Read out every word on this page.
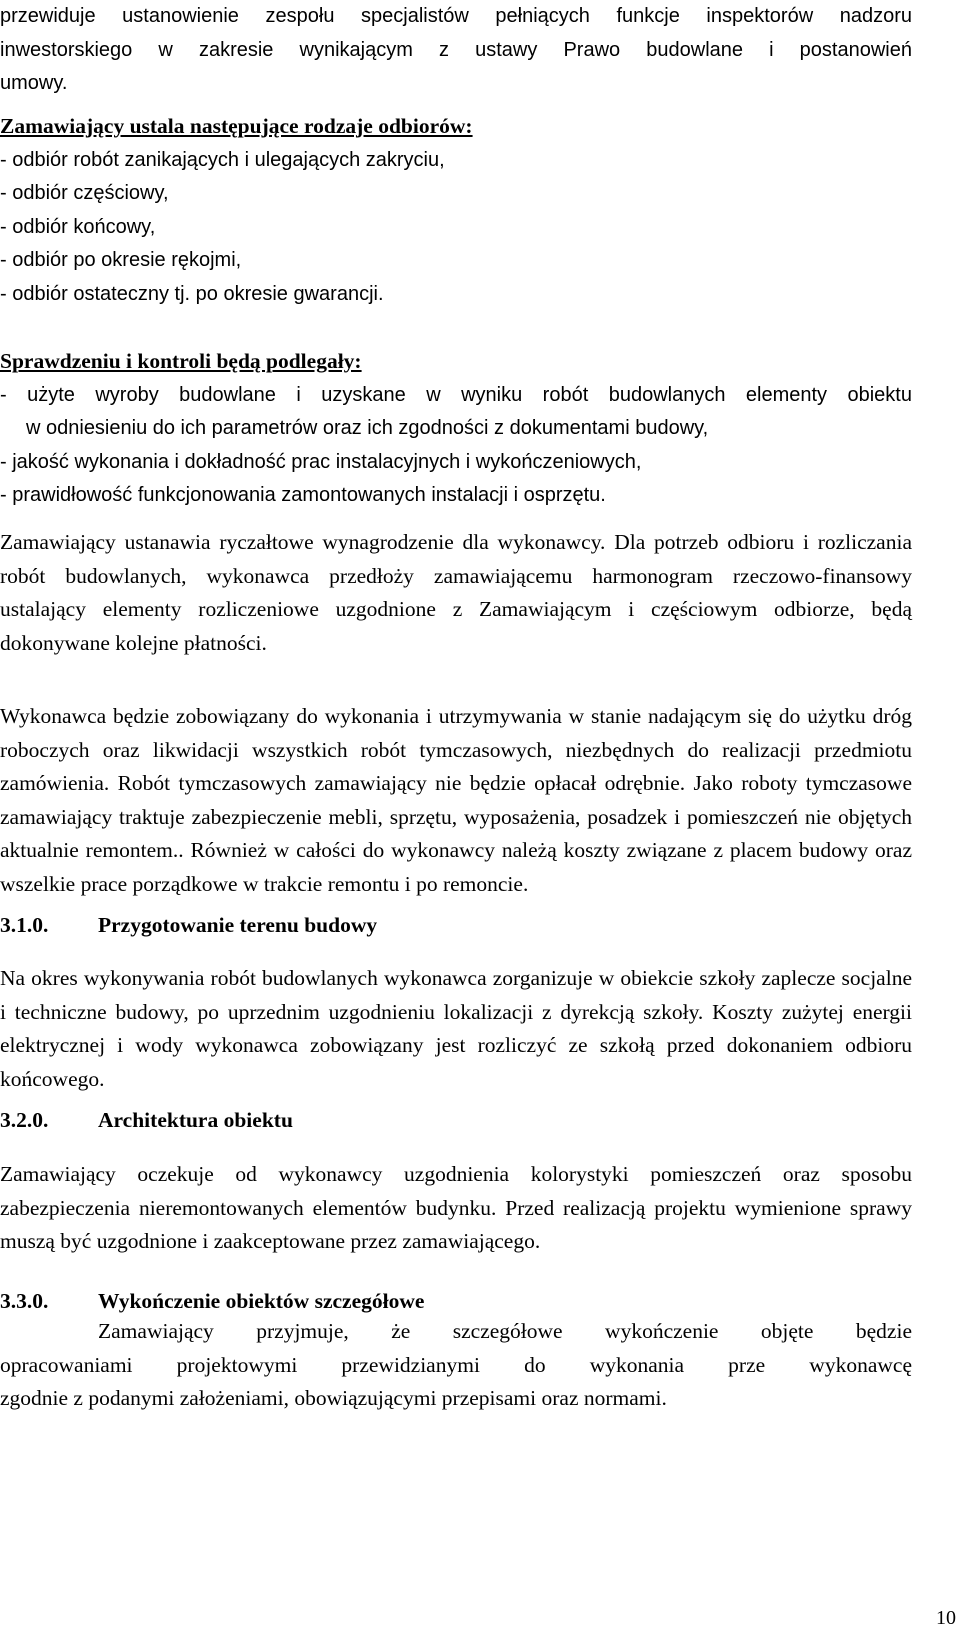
przewiduje ustanowienie zespołu specjalistów pełniących funkcje inspektorów nadzoru
inwestorskiego w zakresie wynikającym z ustawy Prawo budowlane i postanowień
umowy.
Zamawiający ustala następujące rodzaje odbiorów:
- odbiór robót zanikających i ulegających zakryciu,
- odbiór częściowy,
- odbiór końcowy,
- odbiór po okresie rękojmi,
- odbiór ostateczny tj. po okresie gwarancji.
Sprawdzeniu i kontroli będą podlegały:
- użyte wyroby budowlane i uzyskane w wyniku robót budowlanych elementy obiektu
w odniesieniu do ich parametrów oraz ich zgodności z dokumentami budowy,
- jakość wykonania i dokładność prac instalacyjnych i wykończeniowych,
- prawidłowość funkcjonowania zamontowanych instalacji i osprzętu.

Zamawiający ustanawia ryczałtowe wynagrodzenie dla wykonawcy. Dla potrzeb odbioru i rozliczania robót budowlanych, wykonawca przedłoży zamawiającemu harmonogram rzeczowo-finansowy ustalający elementy rozliczeniowe uzgodnione z Zamawiającym i częściowym odbiorze, będą dokonywane kolejne płatności.

Wykonawca będzie zobowiązany do wykonania i utrzymywania w stanie nadającym się do użytku dróg roboczych oraz likwidacji wszystkich robót tymczasowych, niezbędnych do realizacji przedmiotu zamówienia. Robót tymczasowych zamawiający nie będzie opłacał odrębnie. Jako roboty tymczasowe zamawiający traktuje zabezpieczenie mebli, sprzętu, wyposażenia, posadzek i pomieszczeń nie objętych aktualnie remontem.. Również w całości do wykonawcy należą koszty związane z placem budowy oraz wszelkie prace porządkowe w trakcie remontu i po remoncie.

3.1.0. Przygotowanie terenu budowy

Na okres wykonywania robót budowlanych wykonawca zorganizuje w obiekcie szkoły zaplecze socjalne i techniczne budowy, po uprzednim uzgodnieniu lokalizacji z dyrekcją szkoły. Koszty zużytej energii elektrycznej i wody wykonawca zobowiązany jest rozliczyć ze szkołą przed dokonaniem odbioru końcowego.

3.2.0. Architektura obiektu

Zamawiający oczekuje od wykonawcy uzgodnienia kolorystyki pomieszczeń oraz sposobu zabezpieczenia nieremontowanych elementów budynku. Przed realizacją projektu wymienione sprawy muszą być uzgodnione i zaakceptowane przez zamawiającego.

3.3.0. Wykończenie obiektów szczegółowe
Zamawiający przyjmuje, że szczegółowe wykończenie objęte będzie
opracowaniami projektowymi przewidzianymi do wykonania prze wykonawcę
zgodnie z podanymi założeniami, obowiązującymi przepisami oraz normami.
10
